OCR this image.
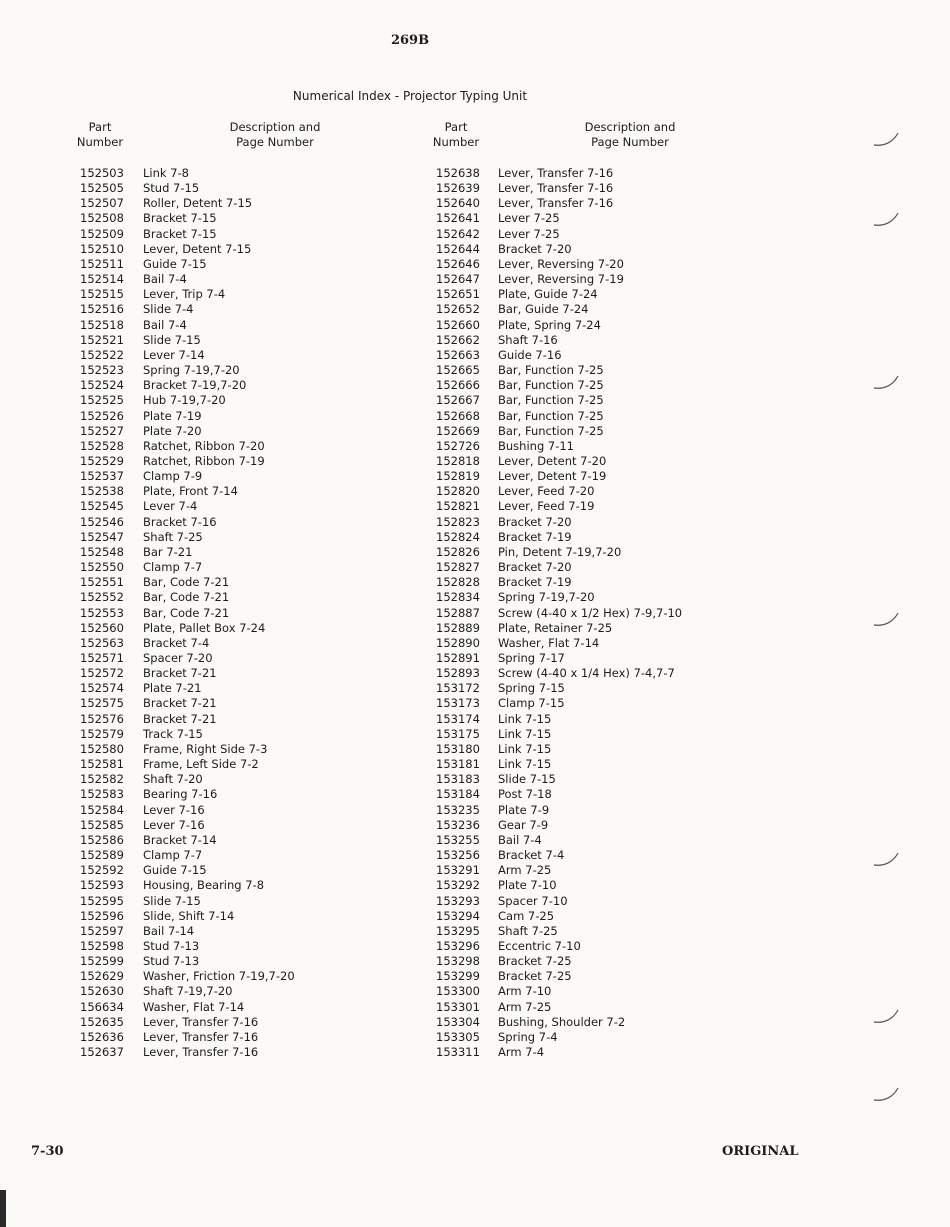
269B
Numerical Index - Projector Typing Unit
Part
Number
Description and
Page Number
Part
Number
Description and
Page Number
152503 Link 7-8
152505 Stud 7-15
152507 Roller, Detent 7-15
152508 Bracket 7-15
152509 Bracket 7-15
152510 Lever, Detent 7-15
152511 Guide 7-15
152514 Bail 7-4
152515 Lever, Trip 7-4
152516 Slide 7-4
152518 Bail 7-4
152521 Slide 7-15
152522 Lever 7-14
152523 Spring 7-19,7-20
152524 Bracket 7-19,7-20
152525 Hub 7-19,7-20
152526 Plate 7-19
152527 Plate 7-20
152528 Ratchet, Ribbon 7-20
152529 Ratchet, Ribbon 7-19
152537 Clamp 7-9
152538 Plate, Front 7-14
152545 Lever 7-4
152546 Bracket 7-16
152547 Shaft 7-25
152548 Bar 7-21
152550 Clamp 7-7
152551 Bar, Code 7-21
152552 Bar, Code 7-21
152553 Bar, Code 7-21
152560 Plate, Pallet Box 7-24
152563 Bracket 7-4
152571 Spacer 7-20
152572 Bracket 7-21
152574 Plate 7-21
152575 Bracket 7-21
152576 Bracket 7-21
152579 Track 7-15
152580 Frame, Right Side 7-3
152581 Frame, Left Side 7-2
152582 Shaft 7-20
152583 Bearing 7-16
152584 Lever 7-16
152585 Lever 7-16
152586 Bracket 7-14
152589 Clamp 7-7
152592 Guide 7-15
152593 Housing, Bearing 7-8
152595 Slide 7-15
152596 Slide, Shift 7-14
152597 Bail 7-14
152598 Stud 7-13
152599 Stud 7-13
152629 Washer, Friction 7-19,7-20
152630 Shaft 7-19,7-20
156634 Washer, Flat 7-14
152635 Lever, Transfer 7-16
152636 Lever, Transfer 7-16
152637 Lever, Transfer 7-16
152638 Lever, Transfer 7-16
152639 Lever, Transfer 7-16
152640 Lever, Transfer 7-16
152641 Lever 7-25
152642 Lever 7-25
152644 Bracket 7-20
152646 Lever, Reversing 7-20
152647 Lever, Reversing 7-19
152651 Plate, Guide 7-24
152652 Bar, Guide 7-24
152660 Plate, Spring 7-24
152662 Shaft 7-16
152663 Guide 7-16
152665 Bar, Function 7-25
152666 Bar, Function 7-25
152667 Bar, Function 7-25
152668 Bar, Function 7-25
152669 Bar, Function 7-25
152726 Bushing 7-11
152818 Lever, Detent 7-20
152819 Lever, Detent 7-19
152820 Lever, Feed 7-20
152821 Lever, Feed 7-19
152823 Bracket 7-20
152824 Bracket 7-19
152826 Pin, Detent 7-19,7-20
152827 Bracket 7-20
152828 Bracket 7-19
152834 Spring 7-19,7-20
152887 Screw (4-40 x 1/2 Hex) 7-9,7-10
152889 Plate, Retainer 7-25
152890 Washer, Flat 7-14
152891 Spring 7-17
152893 Screw (4-40 x 1/4 Hex) 7-4,7-7
153172 Spring 7-15
153173 Clamp 7-15
153174 Link 7-15
153175 Link 7-15
153180 Link 7-15
153181 Link 7-15
153183 Slide 7-15
153184 Post 7-18
153235 Plate 7-9
153236 Gear 7-9
153255 Bail 7-4
153256 Bracket 7-4
153291 Arm 7-25
153292 Plate 7-10
153293 Spacer 7-10
153294 Cam 7-25
153295 Shaft 7-25
153296 Eccentric 7-10
153298 Bracket 7-25
153299 Bracket 7-25
153300 Arm 7-10
153301 Arm 7-25
153304 Bushing, Shoulder 7-2
153305 Spring 7-4
153311 Arm 7-4
7-30	ORIGINAL
